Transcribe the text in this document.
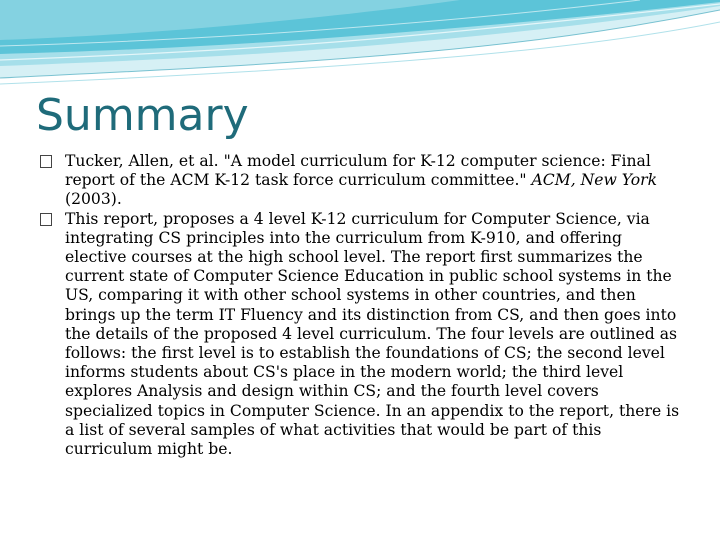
Summary
Tucker, Allen, et al. "A model curriculum for K-12 computer science: Final report of the ACM K-12 task force curriculum committee." ACM, New York (2003).
This report, proposes a 4 level K-12 curriculum for Computer Science, via integrating CS principles into the curriculum from K-910, and offering elective courses at the high school level. The report first summarizes the current state of Computer Science Education in public school systems in the US, comparing it with other school systems in other countries, and then brings up the term IT Fluency and its distinction from CS, and then goes into the details of the proposed 4 level curriculum. The four levels are outlined as follows: the first level is to establish the foundations of CS; the second level informs students about CS's place in the modern world; the third level explores Analysis and design within CS; and the fourth level covers specialized topics in Computer Science. In an appendix to the report, there is a list of several samples of what activities that would be part of this curriculum might be.
